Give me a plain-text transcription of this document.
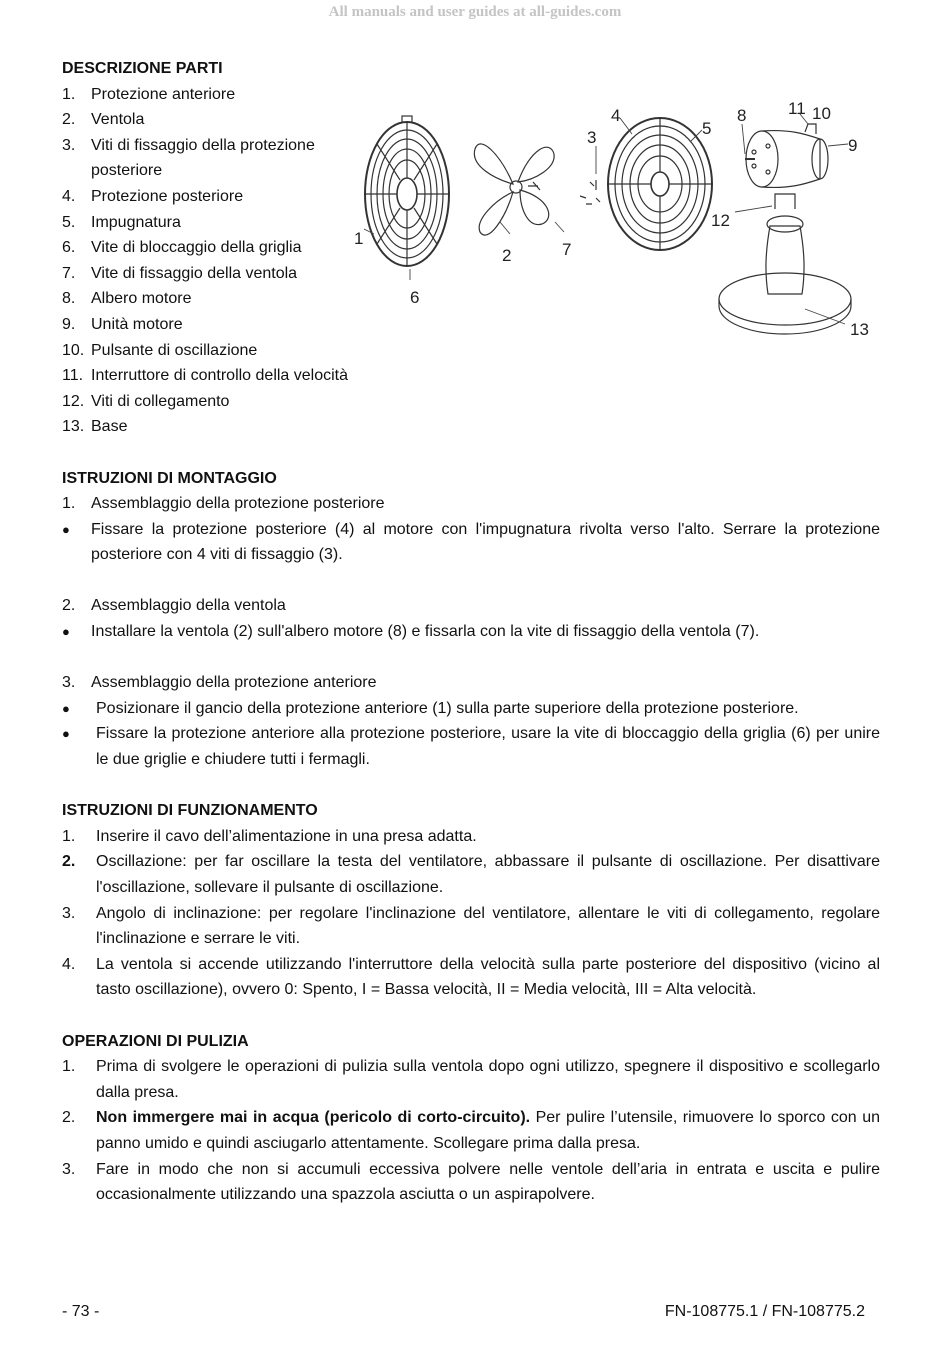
All manuals and user guides at all-guides.com
DESCRIZIONE PARTI
1. Protezione anteriore
2. Ventola
3. Viti di fissaggio della protezione posteriore
4. Protezione posteriore
5. Impugnatura
6. Vite di bloccaggio della griglia
7. Vite di fissaggio della ventola
8. Albero motore
9. Unità motore
10. Pulsante di oscillazione
11. Interruttore di controllo della velocità
12. Viti di collegamento
13. Base
ISTRUZIONI DI MONTAGGIO
1. Assemblaggio della protezione posteriore
●	Fissare la protezione posteriore (4) al motore con l'impugnatura rivolta verso l'alto. Serrare la protezione posteriore con 4 viti di fissaggio (3).
2. Assemblaggio della ventola
●	Installare la ventola (2) sull'albero motore (8) e fissarla con la vite di fissaggio della ventola (7).
3. Assemblaggio della protezione anteriore
●	Posizionare il gancio della protezione anteriore (1) sulla parte superiore della protezione posteriore.
●	Fissare la protezione anteriore alla protezione posteriore, usare la vite di bloccaggio della griglia (6) per unire le due griglie e chiudere tutti i fermagli.
ISTRUZIONI DI FUNZIONAMENTO
1.	Inserire il cavo dell’alimentazione in una presa adatta.
2.	Oscillazione: per far oscillare la testa del ventilatore, abbassare il pulsante di oscillazione. Per disattivare l'oscillazione, sollevare il pulsante di oscillazione.
3.	Angolo di inclinazione: per regolare l'inclinazione del ventilatore, allentare le viti di collegamento, regolare l'inclinazione e serrare le viti.
4.	La ventola si accende utilizzando l'interruttore della velocità sulla parte posteriore del dispositivo (vicino al tasto oscillazione), ovvero 0: Spento, I = Bassa velocità, II = Media velocità, III = Alta velocità.
OPERAZIONI DI PULIZIA
1.	Prima di svolgere le operazioni di pulizia sulla ventola dopo ogni utilizzo, spegnere il dispositivo e scollegarlo dalla presa.
2.	Non immergere mai in acqua (pericolo di corto-circuito). Per pulire l’utensile, rimuovere lo sporco con un panno umido e quindi asciugarlo attentamente. Scollegare prima dalla presa.
3.	Fare in modo che non si accumuli eccessiva polvere nelle ventole dell’aria in entrata e uscita e pulire occasionalmente utilizzando una spazzola asciutta o un aspirapolvere.
1
2
3
4
5
6
7
8
9
10
11
12
13
- 73 -	FN-108775.1 / FN-108775.2
